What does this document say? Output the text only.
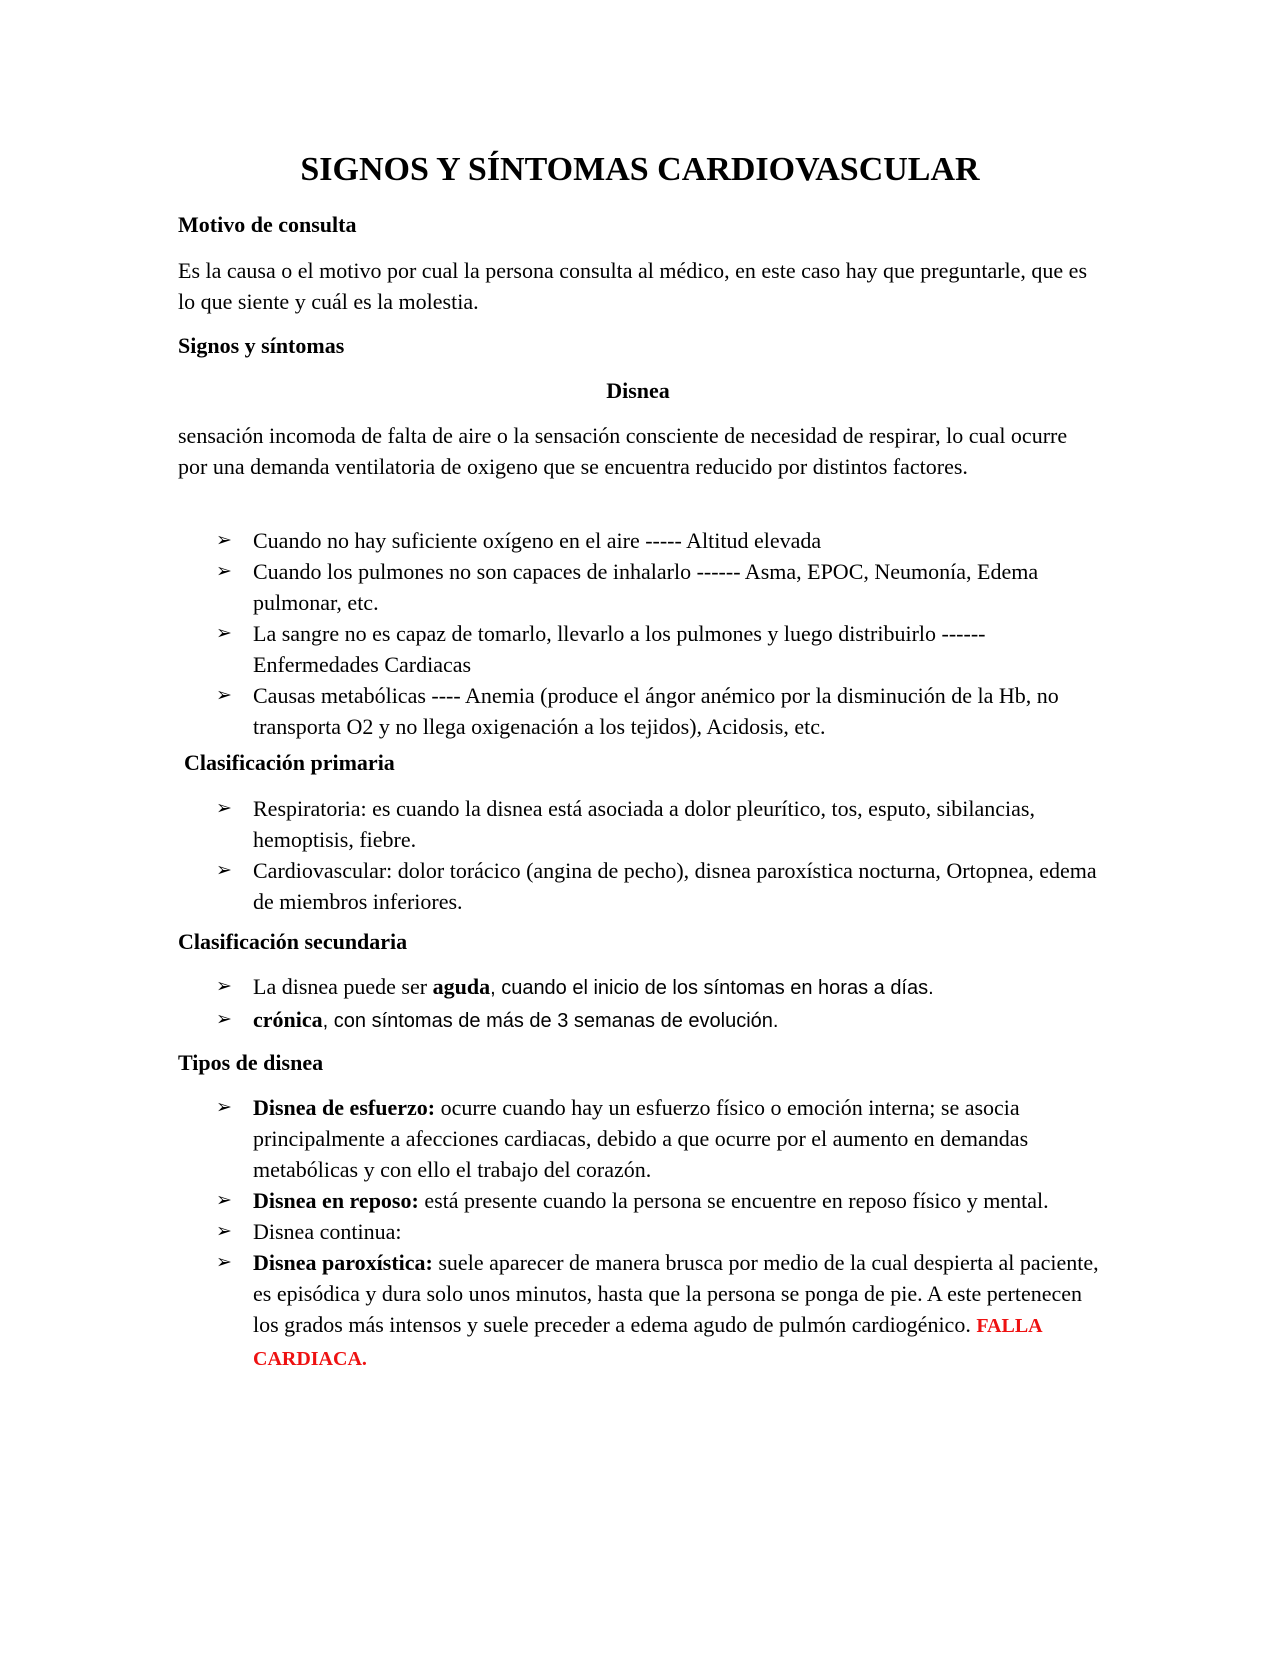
SIGNOS Y SÍNTOMAS CARDIOVASCULAR
Motivo de consulta
Es la causa o el motivo por cual la persona consulta al médico, en este caso hay que preguntarle, que es lo que siente y cuál es la molestia.
Signos y síntomas
Disnea
sensación incomoda de falta de aire o la sensación consciente de necesidad de respirar, lo cual ocurre por una demanda ventilatoria de oxigeno que se encuentra reducido por distintos factores.
➢ Cuando no hay suficiente oxígeno en el aire ----- Altitud elevada
➢ Cuando los pulmones no son capaces de inhalarlo ------ Asma, EPOC, Neumonía, Edema pulmonar, etc.
➢ La sangre no es capaz de tomarlo, llevarlo a los pulmones y luego distribuirlo ------ Enfermedades Cardiacas
➢ Causas metabólicas ---- Anemia (produce el ángor anémico por la disminución de la Hb, no transporta O2 y no llega oxigenación a los tejidos), Acidosis, etc.
Clasificación primaria
➢ Respiratoria: es cuando la disnea está asociada a dolor pleurítico, tos, esputo, sibilancias, hemoptisis, fiebre.
➢ Cardiovascular: dolor torácico (angina de pecho), disnea paroxística nocturna, Ortopnea, edema de miembros inferiores.
Clasificación secundaria
➢ La disnea puede ser aguda, cuando el inicio de los síntomas en horas a días.
➢ crónica, con síntomas de más de 3 semanas de evolución.
Tipos de disnea
➢ Disnea de esfuerzo: ocurre cuando hay un esfuerzo físico o emoción interna; se asocia principalmente a afecciones cardiacas, debido a que ocurre por el aumento en demandas metabólicas y con ello el trabajo del corazón.
➢ Disnea en reposo: está presente cuando la persona se encuentre en reposo físico y mental.
➢ Disnea continua:
➢ Disnea paroxística: suele aparecer de manera brusca por medio de la cual despierta al paciente, es episódica y dura solo unos minutos, hasta que la persona se ponga de pie. A este pertenecen los grados más intensos y suele preceder a edema agudo de pulmón cardiogénico. FALLA CARDIACA.
